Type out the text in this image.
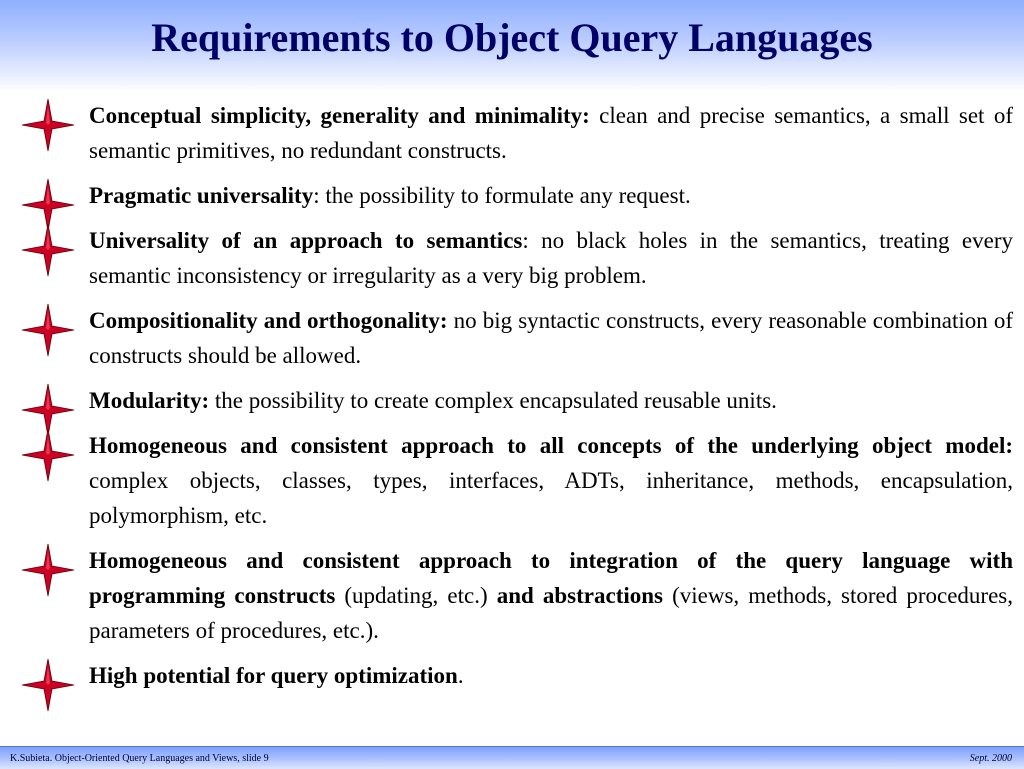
Requirements to Object Query Languages
Conceptual simplicity, generality and minimality: clean and precise semantics, a small set of semantic primitives, no redundant constructs.
Pragmatic universality: the possibility to formulate any request.
Universality of an approach to semantics: no black holes in the semantics, treating every semantic inconsistency or irregularity as a very big problem.
Compositionality and orthogonality: no big syntactic constructs, every reasonable combination of constructs should be allowed.
Modularity: the possibility to create complex encapsulated reusable units.
Homogeneous and consistent approach to all concepts of the underlying object model: complex objects, classes, types, interfaces, ADTs, inheritance, methods, encapsulation, polymorphism, etc.
Homogeneous and consistent approach to integration of the query language with programming constructs (updating, etc.) and abstractions (views, methods, stored procedures, parameters of procedures, etc.).
High potential for query optimization.
K.Subieta. Object-Oriented Query Languages and Views, slide 9	Sept. 2000
